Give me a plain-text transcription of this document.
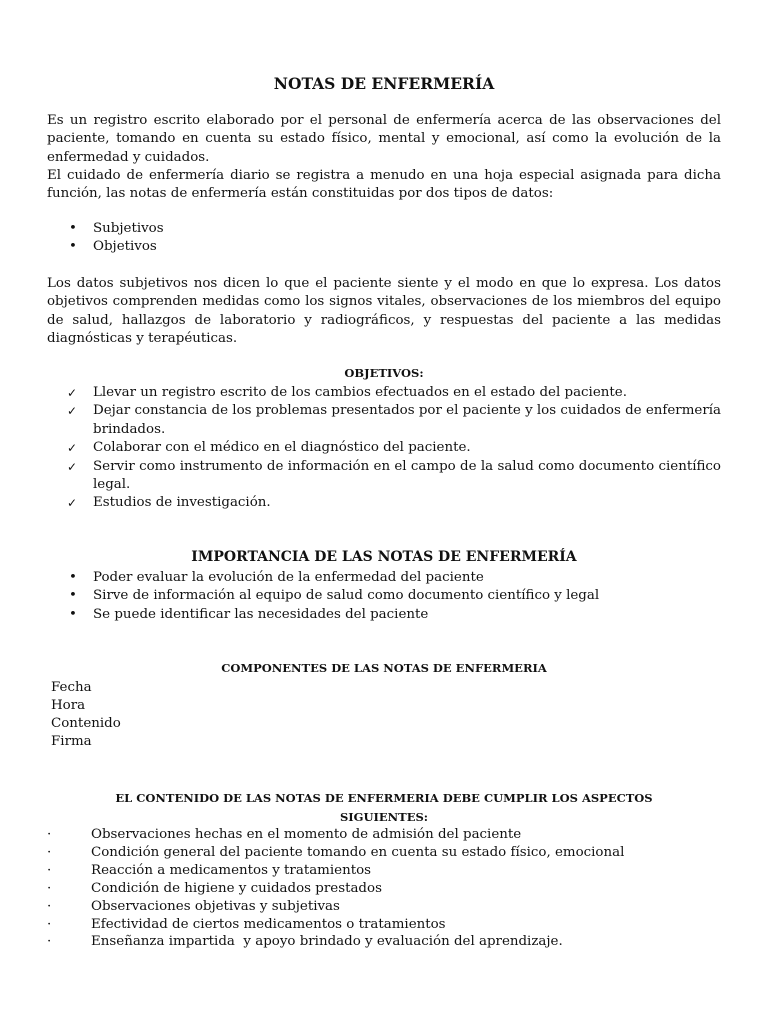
NOTAS DE ENFERMERÍA

Es un registro escrito elaborado por el personal de enfermería acerca de las observaciones del paciente, tomando en cuenta su estado físico, mental y emocional, así como la evolución de la enfermedad y cuidados.

El cuidado de enfermería diario se registra a menudo en una hoja especial asignada para dicha función, las notas de enfermería están constituidas por dos tipos de datos:

•	Subjetivos
•	Objetivos

Los datos subjetivos nos dicen lo que el paciente siente y el modo en que lo expresa. Los datos objetivos comprenden medidas como los signos vitales, observaciones de los miembros del equipo de salud, hallazgos de laboratorio y radiográficos, y respuestas del paciente a las medidas diagnósticas y terapéuticas.

OBJETIVOS:
✓	Llevar un registro escrito de los cambios efectuados en el estado del paciente.
✓	Dejar constancia de los problemas presentados por el paciente y los cuidados de enfermería brindados.
✓	Colaborar con el médico en el diagnóstico del paciente.
✓	Servir como instrumento de información en el campo de la salud como documento científico legal.
✓	Estudios de investigación.
IMPORTANCIA DE LAS NOTAS DE ENFERMERÍA
•	Poder evaluar la evolución de la enfermedad del paciente
•	Sirve de información al equipo de salud como documento científico y legal
•	Se puede identificar las necesidades del paciente
COMPONENTES DE LAS NOTAS DE ENFERMERIA
Fecha
Hora
Contenido
Firma
EL CONTENIDO DE LAS NOTAS DE ENFERMERIA DEBE CUMPLIR LOS ASPECTOS
SIGUIENTES:
·	Observaciones hechas en el momento de admisión del paciente
·	Condición general del paciente tomando en cuenta su estado físico, emocional
·	Reacción a medicamentos y tratamientos
·	Condición de higiene y cuidados prestados
·	Observaciones objetivas y subjetivas
·	Efectividad de ciertos medicamentos o tratamientos
·	Enseñanza impartida  y apoyo brindado y evaluación del aprendizaje.
